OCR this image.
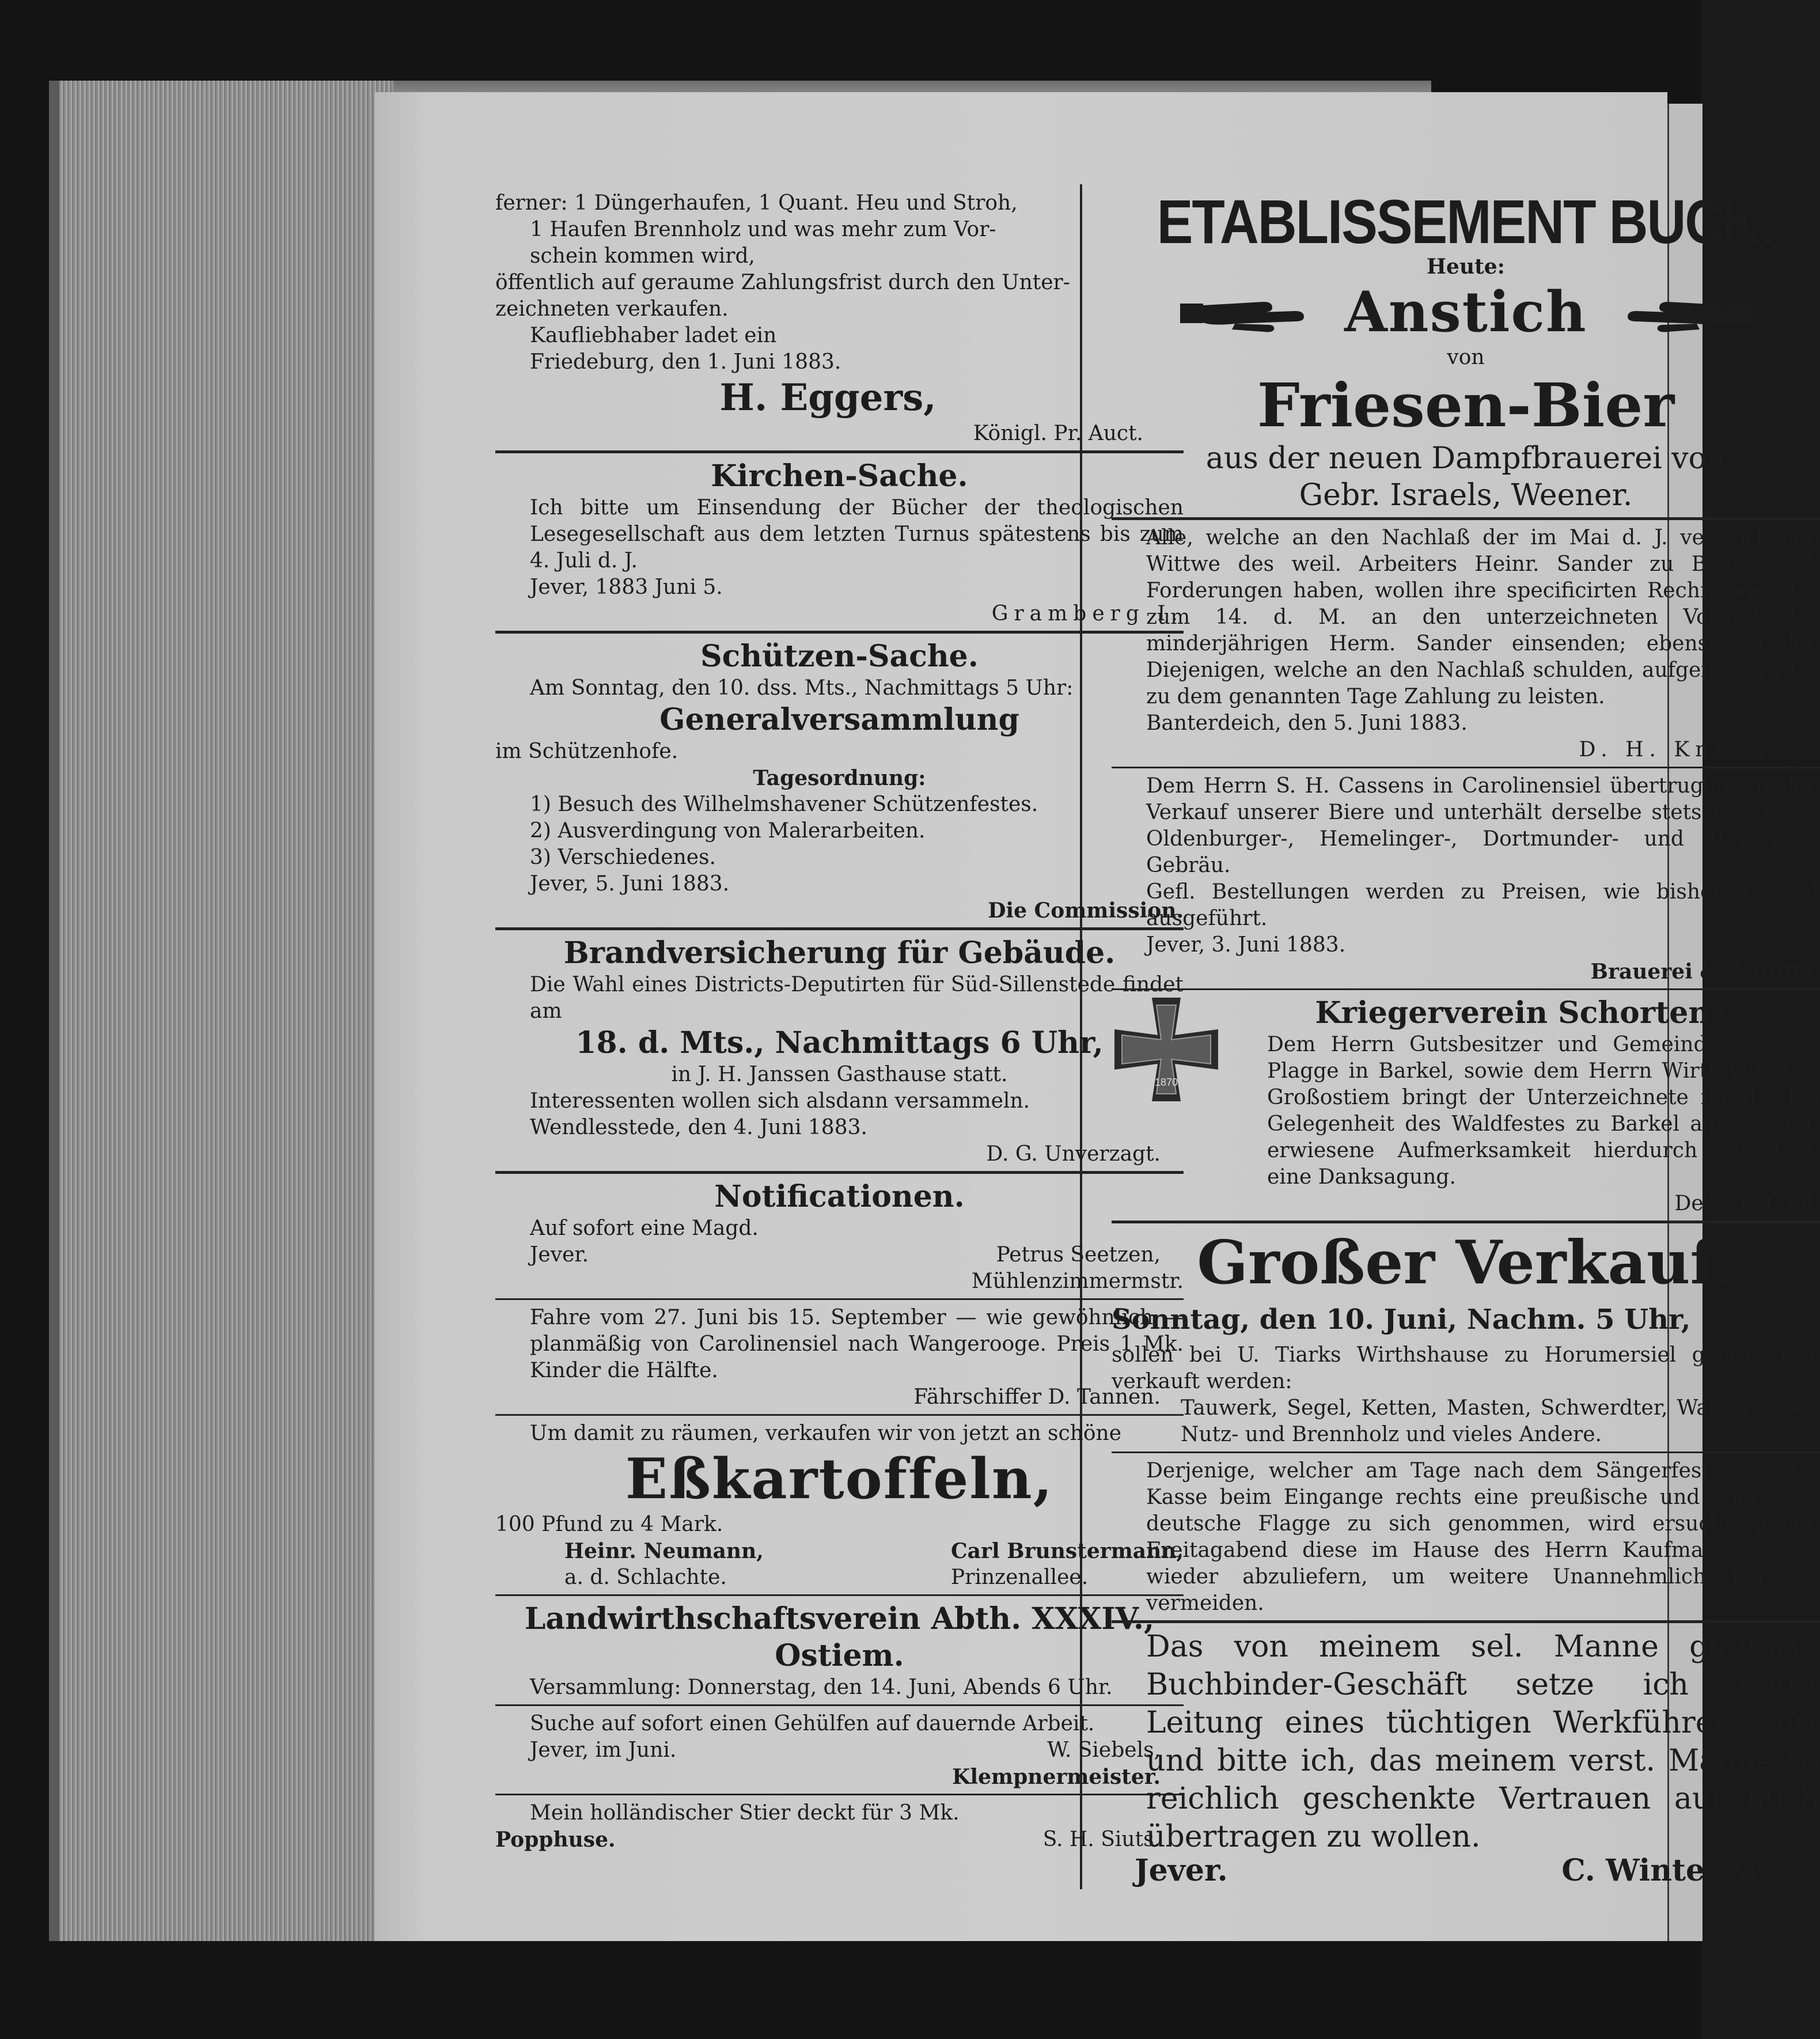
ferner: 1 Düngerhaufen, 1 Quant. Heu und Stroh,

1 Haufen Brennholz und was mehr zum Vor-

schein kommen wird,

öffentlich auf geraume Zahlungsfrist durch den Unter-

zeichneten verkaufen.

Kaufliebhaber ladet ein

Friedeburg, den 1. Juni 1883.

H. Eggers,

Königl. Pr. Auct.

Kirchen-Sache.

Ich bitte um Einsendung der Bücher der theologischen Lesegesellschaft aus dem letzten Turnus spätestens bis zum 4. Juli d. J.

Jever, 1883 Juni 5.

Gramberg I.

Schützen-Sache.

Am Sonntag, den 10. dss. Mts., Nachmittags 5 Uhr:

Generalversammlung

im Schützenhofe.

Tagesordnung:

1) Besuch des Wilhelmshavener Schützenfestes.

2) Ausverdingung von Malerarbeiten.

3) Verschiedenes.

Jever, 5. Juni 1883.

Die Commission.

Brandversicherung für Gebäude.

Die Wahl eines Districts-Deputirten für Süd-Sillenstede findet am

18. d. Mts., Nachmittags 6 Uhr,

in J. H. Janssen Gasthause statt.

Interessenten wollen sich alsdann versammeln.

Wendlesstede, den 4. Juni 1883.

D. G. Unverzagt.

Notificationen.

Auf sofort eine Magd.

Jever.	Petrus Seetzen,

Mühlenzimmermstr.

Fahre vom 27. Juni bis 15. September — wie gewöhnlich — planmäßig von Carolinensiel nach Wangerooge. Preis 1 Mk. Kinder die Hälfte.

Fährschiffer D. Tannen.

Um damit zu räumen, verkaufen wir von jetzt an schöne

Eßkartoffeln,

100 Pfund zu 4 Mark.

Heinr. Neumann,

a. d. Schlachte.

Carl Brunstermann,

Prinzenallee.

Landwirthschaftsverein Abth. XXXIV.,

Ostiem.

Versammlung: Donnerstag, den 14. Juni, Abends 6 Uhr.

Suche auf sofort einen Gehülfen auf dauernde Arbeit.

Jever, im Juni.	W. Siebels,

Klempnermeister.

Mein holländischer Stier deckt für 3 Mk.

Popphuse.	S. H. Siuts.

ETABLISSEMENT BUCK.

Heute:

Anstich

von

Friesen-Bier

aus der neuen Dampfbrauerei von

Gebr. Israels, Weener.

Alle, welche an den Nachlaß der im Mai d. J. verstorbenen Wittwe des weil. Arbeiters Heinr. Sander zu Banterdeich Forderungen haben, wollen ihre specificirten Rechnungen bis zum 14. d. M. an den unterzeichneten Vorund des minderjährigen Herm. Sander einsenden; ebenso werden Diejenigen, welche an den Nachlaß schulden, aufgefordert, bis zu dem genannten Tage Zahlung zu leisten.

Banterdeich, den 5. Juni 1883.

D. H. Knieling.

Dem Herrn S. H. Cassens in Carolinensiel übertrugen wir den Verkauf unserer Biere und unterhält derselbe stets Lager von Oldenburger-, Hemelinger-, Dortmunder- und Bayerisch-Gebräu.

Gefl. Bestellungen werden zu Preisen, wie bisher, prompt ausgeführt.

Jever, 3. Juni 1883.

Brauerei & Schultz.

1870

Kriegerverein Schortens.

Dem Herrn Gutsbesitzer und Gemeindevorsteher Plagge in Barkel, sowie dem Herrn Wirth Otten in Großostiem bringt der Unterzeichnete für die bei Gelegenheit des Waldfestes zu Barkel am Sonntag erwiesene Aufmerksamkeit hierdurch öffentlich eine Danksagung.

Der Vorstand.

Großer Verkauf.

Sonntag, den 10. Juni, Nachm. 5 Uhr,

sollen bei U. Tiarks Wirthshause zu Horumersiel gegen baar verkauft werden:

Tauwerk, Segel, Ketten, Masten, Schwerdter, Wasserfässer, Nutz- und Brennholz und vieles Andere.

Derjenige, welcher am Tage nach dem Sängerfeste aus der Kasse beim Eingange rechts eine preußische und eine neue deutsche Flagge zu sich genommen, wird ersucht, gegen Freitagabend diese im Hause des Herrn Kaufmann Focken wieder abzuliefern, um weitere Unannehmlichkeiten zu vermeiden.

Das von meinem sel. Manne geführte Buchbinder-Geschäft setze ich unter Leitung eines tüchtigen Werkführers fort und bitte ich, das meinem verst. Manne so reichlich geschenkte Vertrauen auf mich übertragen zu wollen.

Jever.	C. Winter Wwe.
